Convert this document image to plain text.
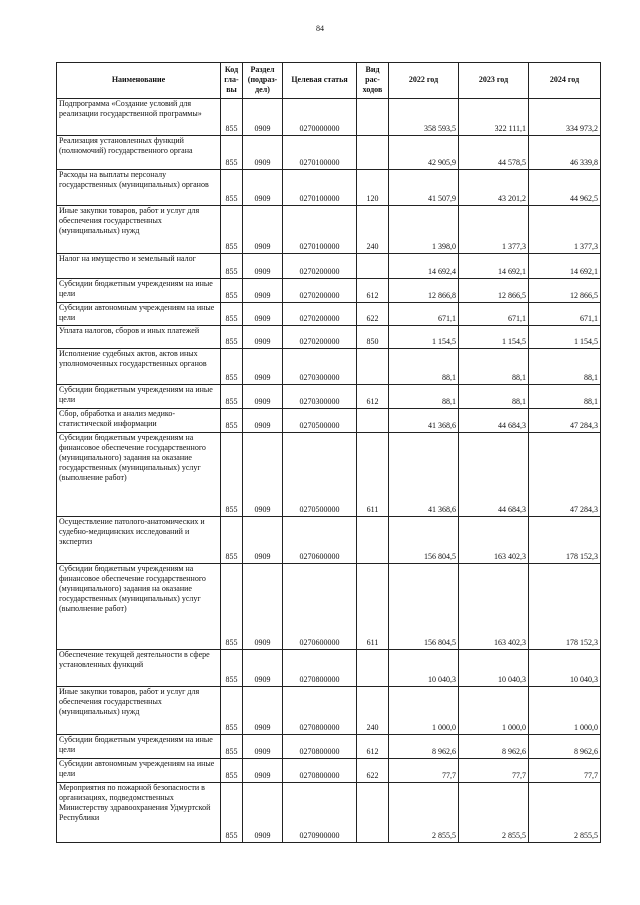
84
Наименование	Код гла- вы	Раздел (подраз- дел)	Целевая статья	Вид рас- ходов	2022 год	2023 год	2024 год
Подпрограмма «Создание условий для реализации государственной программы»	855	0909	0270000000		358 593,5	322 111,1	334 973,2
Реализация установленных функций (полномочий) государственного органа	855	0909	0270100000		42 905,9	44 578,5	46 339,8
Расходы на выплаты персоналу государственных (муниципальных) органов	855	0909	0270100000	120	41 507,9	43 201,2	44 962,5
Иные закупки товаров, работ и услуг для обеспечения государственных (муниципальных) нужд	855	0909	0270100000	240	1 398,0	1 377,3	1 377,3
Налог на имущество и земельный налог	855	0909	0270200000		14 692,4	14 692,1	14 692,1
Субсидии бюджетным учреждениям на иные цели	855	0909	0270200000	612	12 866,8	12 866,5	12 866,5
Субсидии автономным учреждениям на иные цели	855	0909	0270200000	622	671,1	671,1	671,1
Уплата налогов, сборов и иных платежей	855	0909	0270200000	850	1 154,5	1 154,5	1 154,5
Исполнение судебных актов, актов иных уполномоченных государственных органов	855	0909	0270300000		88,1	88,1	88,1
Субсидии бюджетным учреждениям на иные цели	855	0909	0270300000	612	88,1	88,1	88,1
Сбор, обработка и анализ медико-статистической информации	855	0909	0270500000		41 368,6	44 684,3	47 284,3
Субсидии бюджетным учреждениям на финансовое обеспечение государственного (муниципального) задания на оказание государственных (муниципальных) услуг (выполнение работ)	855	0909	0270500000	611	41 368,6	44 684,3	47 284,3
Осуществление патолого-анатомических и судебно-медицинских исследований и экспертиз	855	0909	0270600000		156 804,5	163 402,3	178 152,3
Субсидии бюджетным учреждениям на финансовое обеспечение государственного (муниципального) задания на оказание государственных (муниципальных) услуг (выполнение работ)	855	0909	0270600000	611	156 804,5	163 402,3	178 152,3
Обеспечение текущей деятельности в сфере установленных функций	855	0909	0270800000		10 040,3	10 040,3	10 040,3
Иные закупки товаров, работ и услуг для обеспечения государственных (муниципальных) нужд	855	0909	0270800000	240	1 000,0	1 000,0	1 000,0
Субсидии бюджетным учреждениям на иные цели	855	0909	0270800000	612	8 962,6	8 962,6	8 962,6
Субсидии автономным учреждениям на иные цели	855	0909	0270800000	622	77,7	77,7	77,7
Мероприятия по пожарной безопасности в организациях, подведомственных Министерству здравоохранения Удмуртской Республики	855	0909	0270900000		2 855,5	2 855,5	2 855,5
